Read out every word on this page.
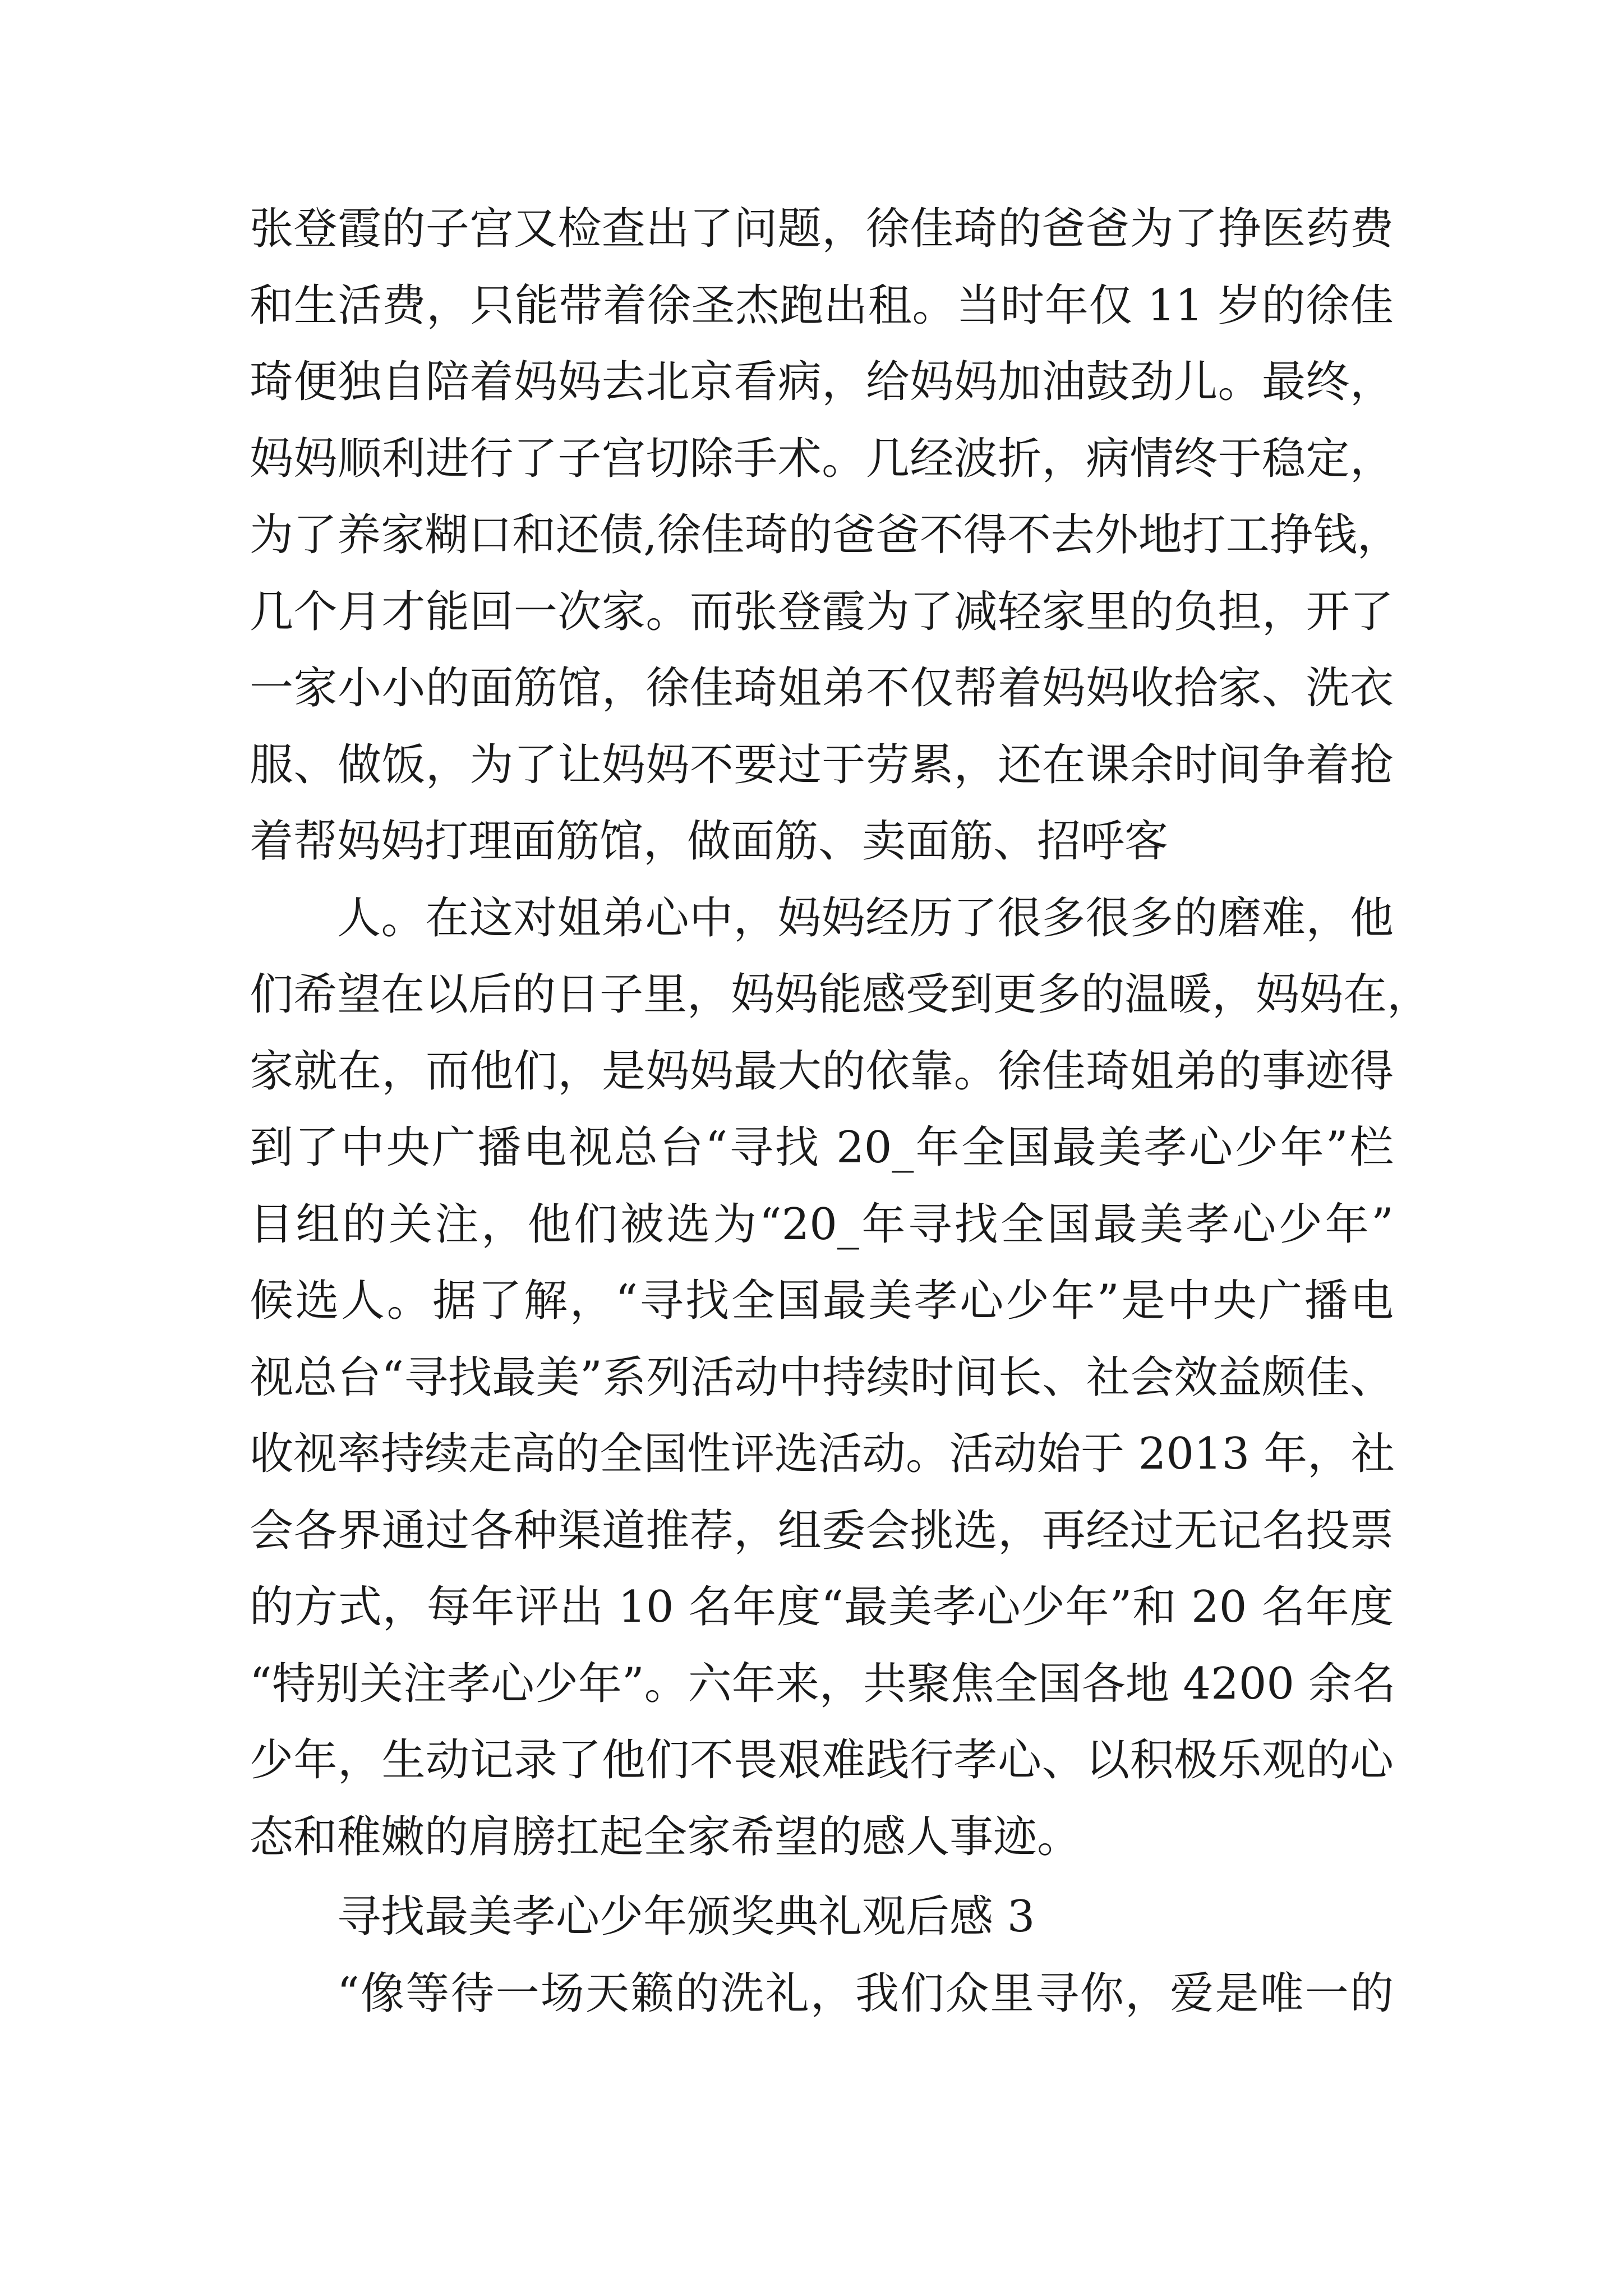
张登霞的子宫又检查出了问题，徐佳琦的爸爸为了挣医药费
和生活费，只能带着徐圣杰跑出租。当时年仅 11 岁的徐佳
琦便独自陪着妈妈去北京看病，给妈妈加油鼓劲儿。最终，
妈妈顺利进行了子宫切除手术。几经波折，病情终于稳定，
为了养家糊口和还债,徐佳琦的爸爸不得不去外地打工挣钱，
几个月才能回一次家。而张登霞为了减轻家里的负担，开了
一家小小的面筋馆，徐佳琦姐弟不仅帮着妈妈收拾家、洗衣
服、做饭，为了让妈妈不要过于劳累，还在课余时间争着抢
着帮妈妈打理面筋馆，做面筋、卖面筋、招呼客
人。在这对姐弟心中，妈妈经历了很多很多的磨难，他
们希望在以后的日子里，妈妈能感受到更多的温暖，妈妈在，
家就在，而他们，是妈妈最大的依靠。徐佳琦姐弟的事迹得
到了中央广播电视总台“寻找 20_年全国最美孝心少年”栏
目组的关注，他们被选为“20_年寻找全国最美孝心少年”
候选人。据了解，“寻找全国最美孝心少年”是中央广播电
视总台“寻找最美”系列活动中持续时间长、社会效益颇佳、
收视率持续走高的全国性评选活动。活动始于 2013 年，社
会各界通过各种渠道推荐，组委会挑选，再经过无记名投票
的方式，每年评出 10 名年度“最美孝心少年”和 20 名年度
“特别关注孝心少年”。六年来，共聚焦全国各地 4200 余名
少年，生动记录了他们不畏艰难践行孝心、以积极乐观的心
态和稚嫩的肩膀扛起全家希望的感人事迹。
寻找最美孝心少年颁奖典礼观后感 3
“像等待一场天籁的洗礼，我们众里寻你，爱是唯一的
